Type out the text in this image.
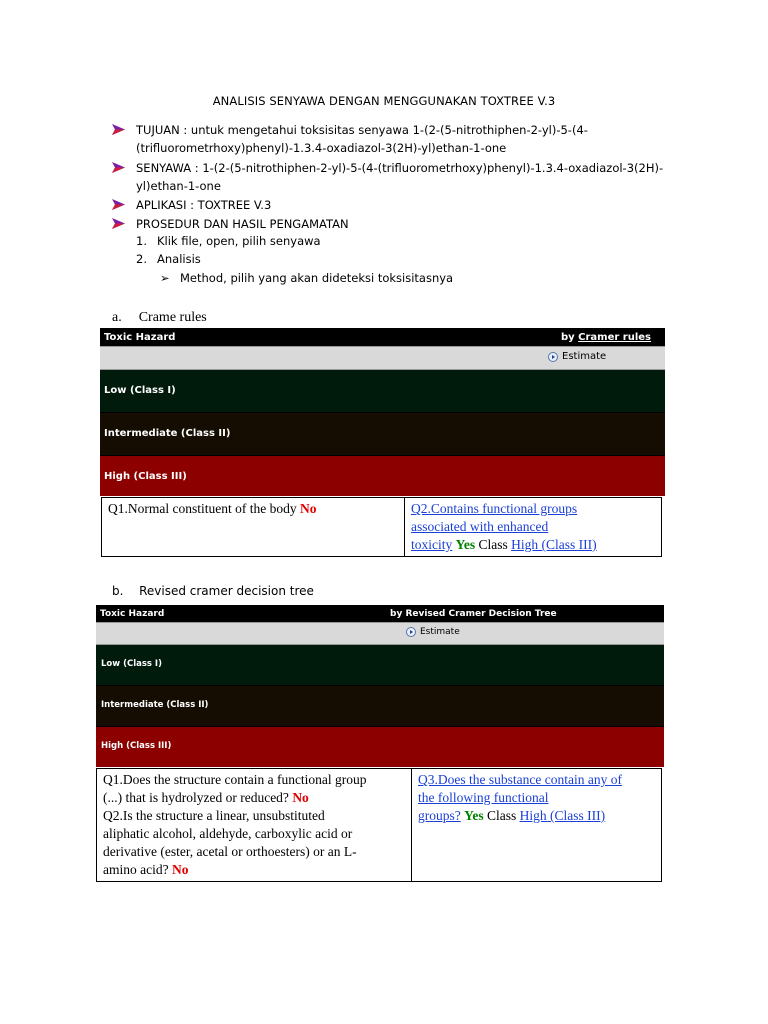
ANALISIS SENYAWA DENGAN MENGGUNAKAN TOXTREE V.3
TUJUAN : untuk mengetahui toksisitas senyawa 1-(2-(5-nitrothiphen-2-yl)-5-(4-
(trifluorometrhoxy)phenyl)-1.3.4-oxadiazol-3(2H)-yl)ethan-1-one
SENYAWA : 1-(2-(5-nitrothiphen-2-yl)-5-(4-(trifluorometrhoxy)phenyl)-1.3.4-oxadiazol-3(2H)-
yl)ethan-1-one
APLIKASI : TOXTREE V.3
PROSEDUR DAN HASIL PENGAMATAN
1. Klik file, open, pilih senyawa
2. Analisis
➢ Method, pilih yang akan dideteksi toksisitasnya
a. Crame rules
Toxic Hazard	by Cramer rules
Estimate
Low (Class I)
Intermediate (Class II)
High (Class III)
Q1.Normal constituent of the body No	Q2.Contains functional groups
associated with enhanced
toxicity Yes Class High (Class III)
b. Revised cramer decision tree
Toxic Hazard	by Revised Cramer Decision Tree
Estimate
Low (Class I)
Intermediate (Class II)
High (Class III)
Q1.Does the structure contain a functional group
(...) that is hydrolyzed or reduced? No
Q2.Is the structure a linear, unsubstituted
aliphatic alcohol, aldehyde, carboxylic acid or
derivative (ester, acetal or orthoesters) or an L-
amino acid? No	Q3.Does the substance contain any of
the following functional
groups? Yes Class High (Class III)
